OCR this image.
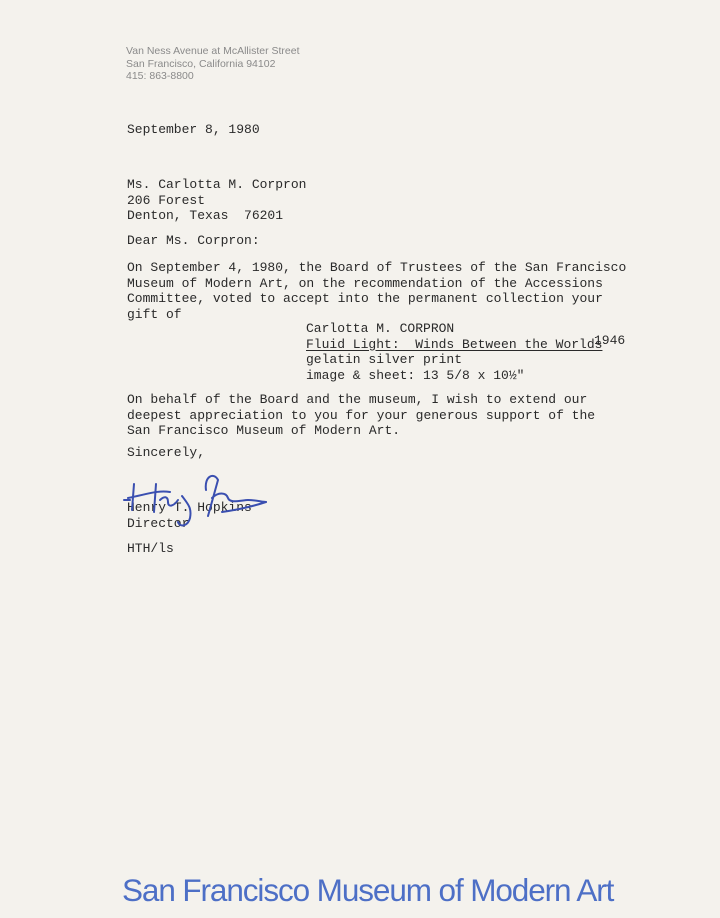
Van Ness Avenue at McAllister Street
San Francisco, California 94102
415: 863-8800
September 8, 1980
Ms. Carlotta M. Corpron
206 Forest
Denton, Texas  76201
Dear Ms. Corpron:
On September 4, 1980, the Board of Trustees of the San Francisco
Museum of Modern Art, on the recommendation of the Accessions
Committee, voted to accept into the permanent collection your
gift of
Carlotta M. CORPRON
Fluid Light:  Winds Between the Worlds
gelatin silver print
image & sheet: 13 5/8 x 10½"
1946
On behalf of the Board and the museum, I wish to extend our
deepest appreciation to you for your generous support of the
San Francisco Museum of Modern Art.
Sincerely,
Henry T. Hopkins
Director
HTH/ls
San Francisco Museum of Modern Art
